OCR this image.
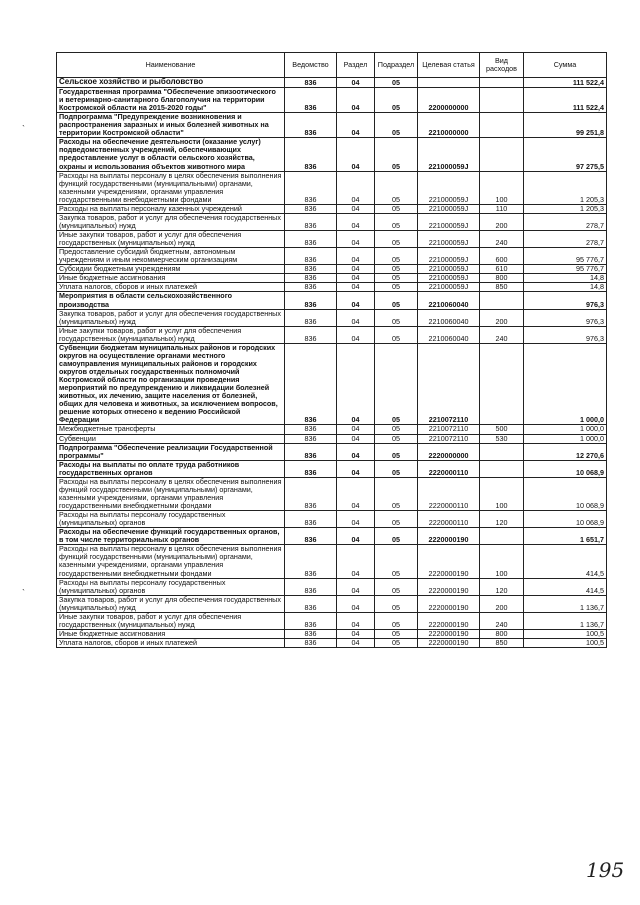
Наименование	Ведомство	Раздел	Подраздел	Целевая статья	Вид расходов	Сумма
Сельское хозяйство и рыболовство	836	04	05			111 522,4
Государственная программа "Обеспечение эпизоотического и ветеринарно-санитарного благополучия на территории Костромской области на 2015-2020 годы"	836	04	05	2200000000		111 522,4
Подпрограмма "Предупреждение возникновения и распространения заразных и иных болезней животных на территории Костромской области"	836	04	05	2210000000		99 251,8
Расходы на обеспечение деятельности (оказание услуг) подведомственных учреждений, обеспечивающих предоставление услуг в области сельского хозяйства, охраны и использования объектов животного мира	836	04	05	221000059J		97 275,5
Расходы на выплаты персоналу в целях обеспечения выполнения функций государственными (муниципальными) органами, казенными учреждениями, органами управления государственными внебюджетными фондами	836	04	05	221000059J	100	1 205,3
Расходы на выплаты персоналу казенных учреждений	836	04	05	221000059J	110	1 205,3
Закупка товаров, работ и услуг для обеспечения государственных (муниципальных) нужд	836	04	05	221000059J	200	278,7
Иные закупки товаров, работ и услуг для обеспечения государственных (муниципальных) нужд	836	04	05	221000059J	240	278,7
Предоставление субсидий бюджетным, автономным учреждениям и иным некоммерческим организациям	836	04	05	221000059J	600	95 776,7
Субсидии бюджетным учреждениям	836	04	05	221000059J	610	95 776,7
Иные бюджетные ассигнования	836	04	05	221000059J	800	14,8
Уплата налогов, сборов и иных платежей	836	04	05	221000059J	850	14,8
Мероприятия в области сельскохозяйственного производства	836	04	05	2210060040		976,3
Закупка товаров, работ и услуг для обеспечения государственных (муниципальных) нужд	836	04	05	2210060040	200	976,3
Иные закупки товаров, работ и услуг для обеспечения государственных (муниципальных) нужд	836	04	05	2210060040	240	976,3
Субвенции бюджетам муниципальных районов и городских округов на осуществление органами местного самоуправления муниципальных районов и городских округов отдельных государственных полномочий Костромской области по организации проведения мероприятий по предупреждению и ликвидации болезней животных, их лечению, защите населения от болезней, общих для человека и животных, за исключением вопросов, решение которых отнесено к ведению Российской Федерации	836	04	05	2210072110		1 000,0
Межбюджетные трансферты	836	04	05	2210072110	500	1 000,0
Субвенции	836	04	05	2210072110	530	1 000,0
Подпрограмма "Обеспечение реализации Государственной программы"	836	04	05	2220000000		12 270,6
Расходы на выплаты по оплате труда работников государственных органов	836	04	05	2220000110		10 068,9
Расходы на выплаты персоналу в целях обеспечения выполнения функций государственными (муниципальными) органами, казенными учреждениями, органами управления государственными внебюджетными фондами	836	04	05	2220000110	100	10 068,9
Расходы на выплаты персоналу государственных (муниципальных) органов	836	04	05	2220000110	120	10 068,9
Расходы на обеспечение функций государственных органов, в том числе территориальных органов	836	04	05	2220000190		1 651,7
Расходы на выплаты персоналу в целях обеспечения выполнения функций государственными (муниципальными) органами, казенными учреждениями, органами управления государственными внебюджетными фондами	836	04	05	2220000190	100	414,5
Расходы на выплаты персоналу государственных (муниципальных) органов	836	04	05	2220000190	120	414,5
Закупка товаров, работ и услуг для обеспечения государственных (муниципальных) нужд	836	04	05	2220000190	200	1 136,7
Иные закупки товаров, работ и услуг для обеспечения государственных (муниципальных) нужд	836	04	05	2220000190	240	1 136,7
Иные бюджетные ассигнования	836	04	05	2220000190	800	100,5
Уплата налогов, сборов и иных платежей	836	04	05	2220000190	850	100,5
`
`
195
